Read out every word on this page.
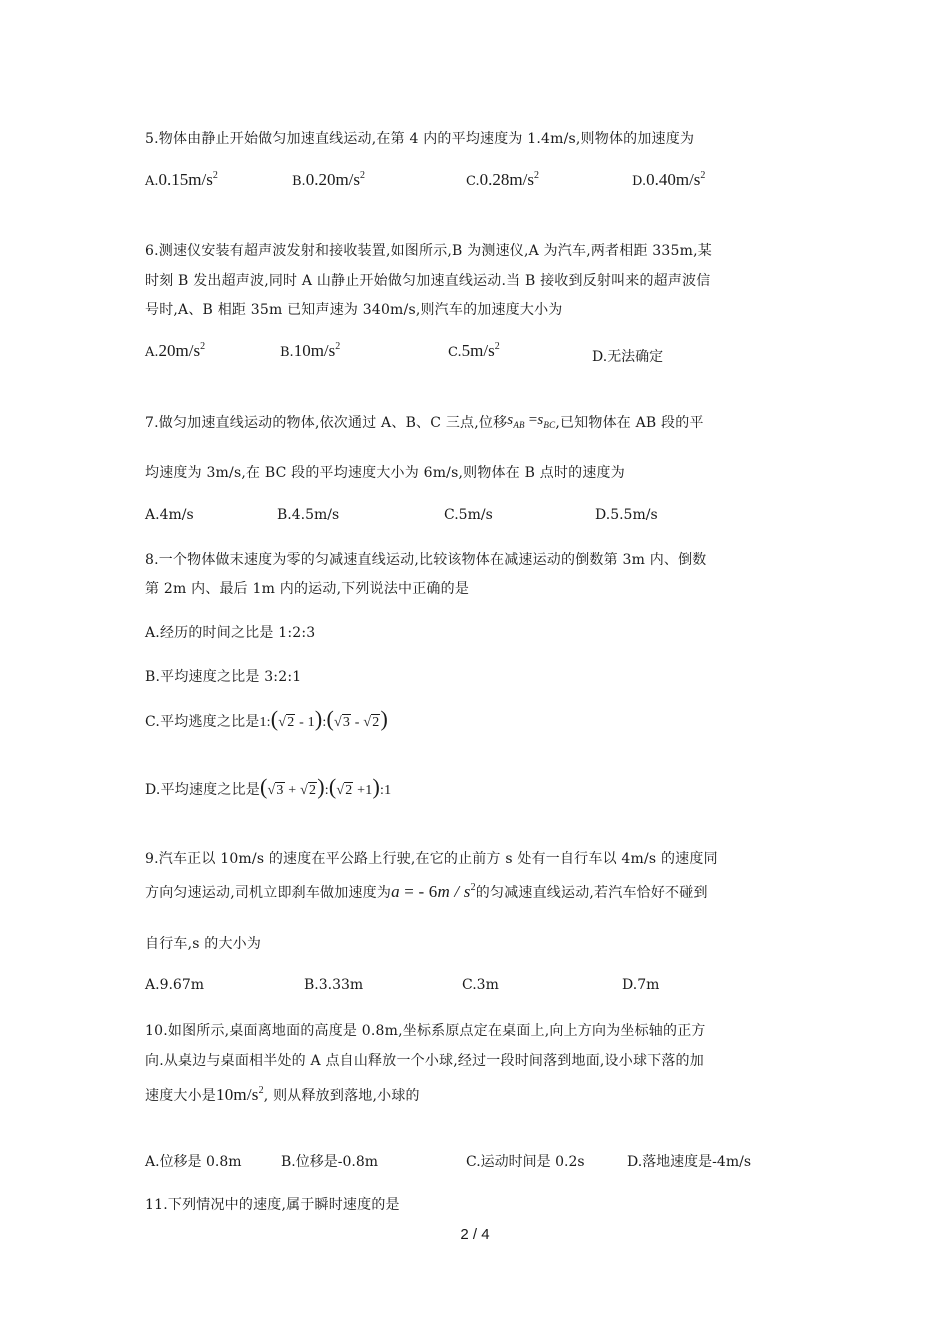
5.物体由静止开始做匀加速直线运动,在第 4 内的平均速度为 1.4m/s,则物体的加速度为
$A.0.15m/s^2$	$B.0.20m/s^2$	$C.0.28m/s^2$	$D.0.40m/s^2$
6.测速仪安装有超声波发射和接收装置,如图所示,B 为测速仪,A 为汽车,两者相距 335m,某
时刻 B 发出超声波,同时 A 山静止开始做匀加速直线运动.当 B 接收到反射叫来的超声波信
号时,A、B 相距 35m 已知声速为 340m/s,则汽车的加速度大小为
$A.20m/s^2$	$B.10m/s^2$	$C.5m/s^2$
D.无法确定
7.做匀加速直线运动的物体,依次通过 A、B、C 三点,位移$s_{AB} =s_{BC}$,已知物体在 AB 段的平
均速度为 3m/s,在 BC 段的平均速度大小为 6m/s,则物体在 B 点时的速度为
A.4m/s	B.4.5m/s	C.5m/s	D.5.5m/s
8.一个物体做末速度为零的匀减速直线运动,比较该物体在减速运动的倒数第 3m 内、倒数
第 2m 内、最后 1m 内的运动,下列说法中正确的是
A.经历的时间之比是 1:2:3
B.平均速度之比是 3:2:1
C.平均逃度之比是1:(√2 - 1):(√3 - √2)
D.平均速度之比是(√3 + √2):(√2 +1):1
9.汽车正以 10m/s 的速度在平公路上行驶,在它的止前方 s 处有一自行车以 4m/s 的速度同
方向匀速运动,司机立即刹车做加速度为a = - $6m / s^2$的匀减速直线运动,若汽车恰好不碰到
自行车,s 的大小为
A.9.67m	B.3.33m	C.3m	D.7m
10.如图所示,桌面离地面的高度是 0.8m,坐标系原点定在桌面上,向上方向为坐标轴的正方
向.从桌边与桌面相半处的 A 点自山释放一个小球,经过一段时间落到地面,设小球下落的加
速度大小是$10m/s^2$, 则从释放到落地,小球的
A.位移是 0.8m	B.位移是-0.8m	C.运动时间是 0.2s	D.落地速度是-4m/s
11.下列情况中的速度,属于瞬时速度的是
2 / 4
